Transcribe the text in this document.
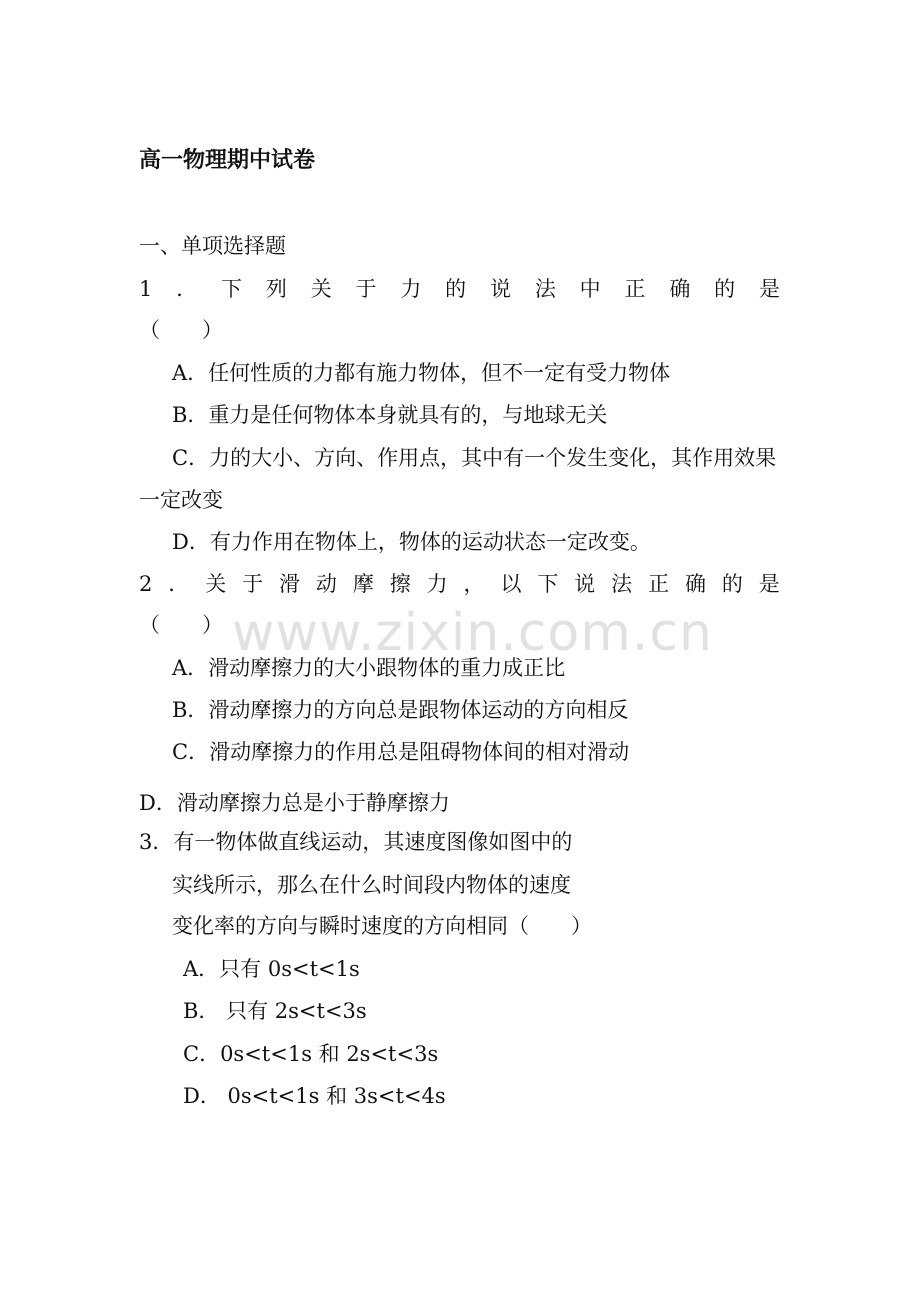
高一物理期中试卷
一、单项选择题
1 ． 下 列 关 于 力 的 说 法 中 正 确 的 是
（　　）
A．任何性质的力都有施力物体，但不一定有受力物体
B．重力是任何物体本身就具有的，与地球无关
C．力的大小、方向、作用点，其中有一个发生变化，其作用效果
一定改变
D．有力作用在物体上，物体的运动状态一定改变。
2 ． 关 于 滑 动 摩 擦 力 ， 以 下 说 法 正 确 的 是
（　　）
A．滑动摩擦力的大小跟物体的重力成正比
B．滑动摩擦力的方向总是跟物体运动的方向相反
C．滑动摩擦力的作用总是阻碍物体间的相对滑动
D．滑动摩擦力总是小于静摩擦力
3．有一物体做直线运动，其速度图像如图中的
实线所示，那么在什么时间段内物体的速度
变化率的方向与瞬时速度的方向相同（　　）
A．只有 0s<t<1s
B． 只有 2s<t<3s
C．0s<t<1s 和 2s<t<3s
D． 0s<t<1s 和 3s<t<4s
www.zixin.com.cn
